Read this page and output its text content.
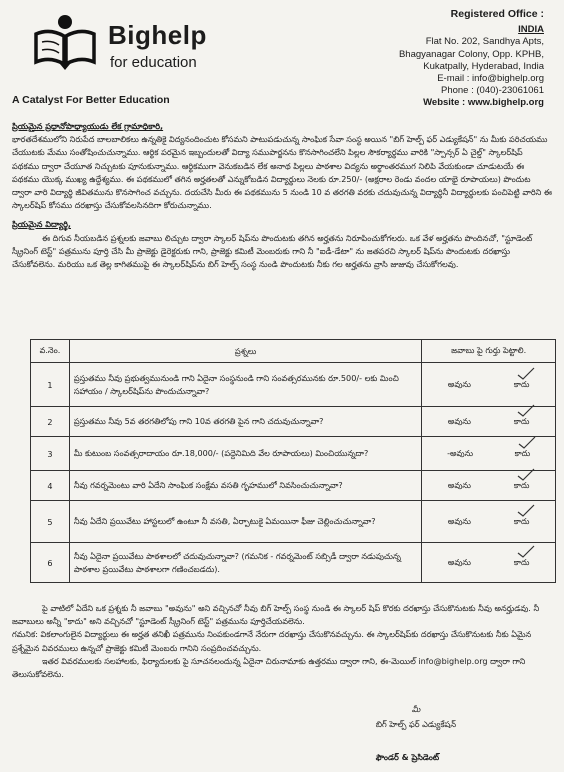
Bighelp
for education
A Catalyst For Better Education
Registered Office :
INDIA
Flat No. 202, Sandhya Apts,
Bhagyanagar Colony, Opp. KPHB,
Kukatpally, Hyderabad, India
E-mail : info@bighelp.org
Phone : (040)-23061061
Website : www.bighelp.org

ప్రియమైన ప్రధానోపాధ్యాయుడు లేక గ్రామాధికారి,

భారతదేశములోని నిరుపేద బాలబాలికలు ఉన్నతికై విద్యనందించుట కోసమని పాటుపడుచున్న సాంఘిక సేవా సంస్థ అయిన "బిగ్ హెల్ప్ ఫర్ ఎడ్యుకేషన్" ను మీకు పరిచయము చేయుటకు మేము సంతోషించుచున్నాము. ఆర్థిక పరమైన ఇబ్బందులతో విద్యా సముపార్జనను కొనసాగించలేని పిల్లల సౌకర్యార్థము వారికి "స్పాన్సర్ ఏ చైల్డ్" స్కాలర్‌షిప్ పథకము ద్వారా చేయూత నిచ్చుటకు పూనుకున్నాము. ఆర్థికముగా వెనుకబడిన లేక అనాథ పిల్లలు పాఠశాల విద్యను అర్థాంతరముగ నిలిపి వేయకుండా చూడుటయే ఈ పథకము యొక్క ముఖ్య ఉద్దేశ్యము. ఈ పథకములో తగిన అర్హతలతో ఎన్నుకోబడిన విద్యార్థులు నెలకు రూ.250/- (అక్షరాల రెండు వందల యాభై రూపాయలు) పొందుట ద్వారా వారి విద్యార్థి జీవితమును కొనసాగించ వచ్చును. దయచేసి మీరు ఈ పథకమును 5 నుండి 10 వ తరగతి వరకు చదువుచున్న విద్యార్థినీ విద్యార్థులకు పంచిపెట్టి వారిని ఈ స్కాలర్‌షిప్ కోసము దరఖాస్తు చేసుకోవలసినదిగా కోరుచున్నాము.

ప్రియమైన విద్యార్థి,

ఈ దిగువ నీయబడిన ప్రశ్నలకు జవాబు లిచ్చుట ద్వారా స్కాలర్ షిప్‌ను పొందుటకు తగిన అర్హతను నిరూపించుకోగలరు. ఒక వేళ అర్హతను పొందినచో, "స్టూడెంట్ స్క్రీనింగ్ టెస్ట్" పత్రమును పూర్తి చేసి మీ ప్రాజెక్టు డైరెక్టరుకు గాని, ప్రాజెక్టు కమిటీ మెంబరుకు గాని నీ "ఐడీ-డేటా" ను జతపరచి స్కాలర్ షిప్‌ను పొందుటకు దరఖాస్తు చేసుకోవలెను. మరియు ఒక తెల్ల కాగితముపై ఈ స్కాలర్‌షిప్‌ను బిగ్ హెల్ప్ సంస్థ నుండి పొందుటకు నీకు గల అర్హతను వ్రాసి జుజువు చేసుకోగలవు.

వ.నెం.	ప్రశ్నలు	జవాబు పై గుర్తు పెట్టాలి.
1	ప్రస్తుతము నీవు ప్రభుత్వమునుండి గాని ఏదైనా సంస్థనుండి గాని సంవత్సరమునకు రూ.500/- లకు మించి సహాయం / స్కాలర్‌షిప్‌ను పొందుచున్నావా?	అవును కాదు

2	ప్రస్తుతము నీవు 5వ తరగతిలోపు గాని 10వ తరగతి పైన గాని చదువుచున్నావా?	అవును కాదు

3	మీ కుటుంబ సంవత్సరాదాయం రూ.18,000/- (పద్దెనిమిది వేల రూపాయలు) మించియున్నదా?	-అవును కాదు

4	నీవు గవర్నమెంటు వారి ఏదేని సాంఘిక సంక్షేమ వసతి గృహములో నివసించుచున్నావా?	అవును కాదు

5	నీవు ఏదేని ప్రయివేటు హాస్టలులో ఉంటూ నీ వసతి, ఏర్పాటుకై ఏమయినా ఫీజు చెల్లించుచున్నావా?	అవును కాదు

6	నీవు ఏదైనా ప్రయివేటు పాఠశాలలో చదువుచున్నావా? (గమనిక - గవర్నమెంట్ సబ్సిడీ ద్వారా నడుపుచున్న పాఠశాల ప్రయివేటు పాఠశాలగా గణించబడదు).	అవును కాదు

పై వాటిలో ఏదేని ఒక ప్రశ్నకు నీ జవాబు "అవును" అని వచ్చినచో నీవు బిగ్ హెల్ప్ సంస్థ నుండి ఈ స్కాలర్ షిప్ కొరకు దరఖాస్తు చేసుకొనుటకు నీవు అనర్హుడవు. నీ జవాబులు అన్నీ "కాదు" అని వచ్చినచో "స్టూడెంట్ స్క్రీనింగ్ టెస్ట్" పత్రమును పూర్తిచేయవలెను.

గమనిక: వికలాంగులైన విద్యార్థులు ఈ అర్హత తనిఖీ పత్రమును నింపకుండగానే నేరుగా దరఖాస్తు చేసుకొనవచ్చును. ఈ స్కాలర్‌షిప్‌కు దరఖాస్తు చేసుకొనుటకు నీకు ఏమైన ప్రశ్నేమైన వివరములు ఉన్నచో ప్రాజెక్టు కమిటీ మెంబరు గానిని సంప్రదించవచ్చును.

ఇతర వివరములకు సలహాలకు, ఫిర్యాదులకు పై సూచనలందున్న ఏదైనా చిరునామాకు ఉత్తరము ద్వారా గాని, ఈ-మెయిల్ info@bighelp.org ద్వారా గాని తెలుసుకోవలెను.

మీ
బిగ్ హెల్ప్ ఫర్ ఎడ్యుకేషన్
ఫౌండర్ & ప్రెసిడెంట్
